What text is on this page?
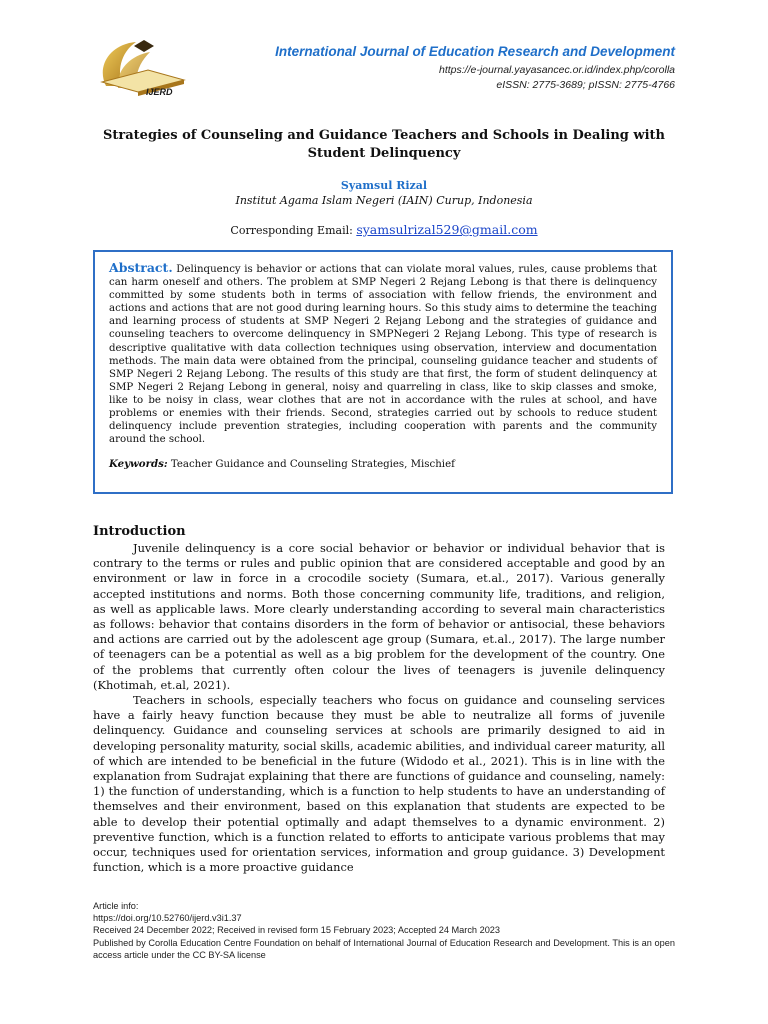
IJERD
International Journal of Education Research and Development
https://e-journal.yayasancec.or.id/index.php/corolla
eISSN: 2775-3689; pISSN: 2775-4766
Strategies of Counseling and Guidance Teachers and Schools in Dealing with
Student Delinquency
Syamsul Rizal
Institut Agama Islam Negeri (IAIN) Curup, Indonesia
Corresponding Email: syamsulrizal529@gmail.com

Abstract. Delinquency is behavior or actions that can violate moral values, rules, cause problems that can harm oneself and others. The problem at SMP Negeri 2 Rejang Lebong is that there is delinquency committed by some students both in terms of association with fellow friends, the environment and actions and actions that are not good during learning hours. So this study aims to determine the teaching and learning process of students at SMP Negeri 2 Rejang Lebong and the strategies of guidance and counseling teachers to overcome delinquency in SMPNegeri 2 Rejang Lebong. This type of research is descriptive qualitative with data collection techniques using observation, interview and documentation methods. The main data were obtained from the principal, counseling guidance teacher and students of SMP Negeri 2 Rejang Lebong. The results of this study are that first, the form of student delinquency at SMP Negeri 2 Rejang Lebong in general, noisy and quarreling in class, like to skip classes and smoke, like to be noisy in class, wear clothes that are not in accordance with the rules at school, and have problems or enemies with their friends. Second, strategies carried out by schools to reduce student delinquency include prevention strategies, including cooperation with parents and the community around the school.

Keywords: Teacher Guidance and Counseling Strategies, Mischief
Introduction

Juvenile delinquency is a core social behavior or behavior or individual behavior that is contrary to the terms or rules and public opinion that are considered acceptable and good by an environment or law in force in a crocodile society (Sumara, et.al., 2017). Various generally accepted institutions and norms. Both those concerning community life, traditions, and religion, as well as applicable laws. More clearly understanding according to several main characteristics as follows: behavior that contains disorders in the form of behavior or antisocial, these behaviors and actions are carried out by the adolescent age group (Sumara, et.al., 2017). The large number of teenagers can be a potential as well as a big problem for the development of the country. One of the problems that currently often colour the lives of teenagers is juvenile delinquency (Khotimah, et.al, 2021).

Teachers in schools, especially teachers who focus on guidance and counseling services have a fairly heavy function because they must be able to neutralize all forms of juvenile delinquency. Guidance and counseling services at schools are primarily designed to aid in developing personality maturity, social skills, academic abilities, and individual career maturity, all of which are intended to be beneficial in the future (Widodo et al., 2021). This is in line with the explanation from Sudrajat explaining that there are functions of guidance and counseling, namely: 1) the function of understanding, which is a function to help students to have an understanding of themselves and their environment, based on this explanation that students are expected to be able to develop their potential optimally and adapt themselves to a dynamic environment. 2) preventive function, which is a function related to efforts to anticipate various problems that may occur, techniques used for orientation services, information and group guidance. 3) Development function, which is a more proactive guidance

Article info:
https://doi.org/10.52760/ijerd.v3i1.37
Received 24 December 2022; Received in revised form 15 February 2023; Accepted 24 March 2023
Published by Corolla Education Centre Foundation on behalf of International Journal of Education Research and Development. This is an open access article under the CC BY-SA license
